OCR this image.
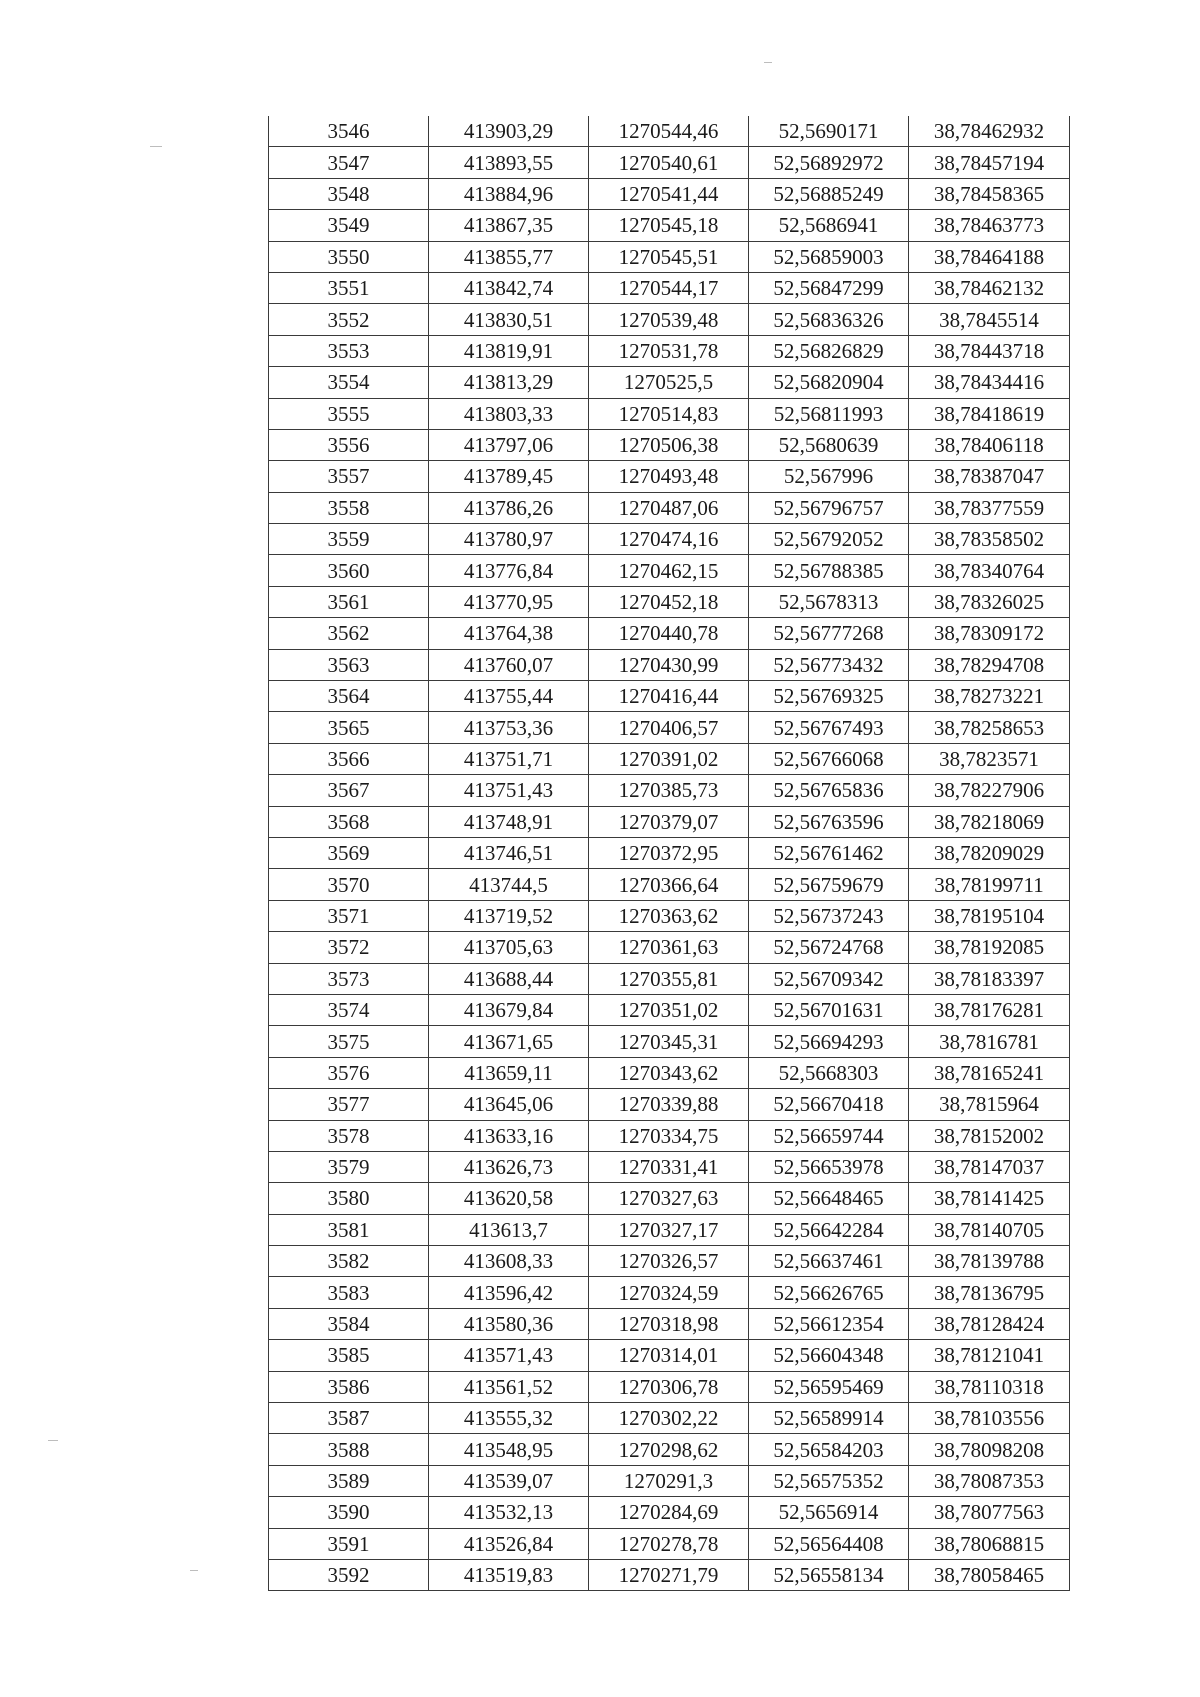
3546	413903,29	1270544,46	52,5690171	38,78462932
3547	413893,55	1270540,61	52,56892972	38,78457194
3548	413884,96	1270541,44	52,56885249	38,78458365
3549	413867,35	1270545,18	52,5686941	38,78463773
3550	413855,77	1270545,51	52,56859003	38,78464188
3551	413842,74	1270544,17	52,56847299	38,78462132
3552	413830,51	1270539,48	52,56836326	38,7845514
3553	413819,91	1270531,78	52,56826829	38,78443718
3554	413813,29	1270525,5	52,56820904	38,78434416
3555	413803,33	1270514,83	52,56811993	38,78418619
3556	413797,06	1270506,38	52,5680639	38,78406118
3557	413789,45	1270493,48	52,567996	38,78387047
3558	413786,26	1270487,06	52,56796757	38,78377559
3559	413780,97	1270474,16	52,56792052	38,78358502
3560	413776,84	1270462,15	52,56788385	38,78340764
3561	413770,95	1270452,18	52,5678313	38,78326025
3562	413764,38	1270440,78	52,56777268	38,78309172
3563	413760,07	1270430,99	52,56773432	38,78294708
3564	413755,44	1270416,44	52,56769325	38,78273221
3565	413753,36	1270406,57	52,56767493	38,78258653
3566	413751,71	1270391,02	52,56766068	38,7823571
3567	413751,43	1270385,73	52,56765836	38,78227906
3568	413748,91	1270379,07	52,56763596	38,78218069
3569	413746,51	1270372,95	52,56761462	38,78209029
3570	413744,5	1270366,64	52,56759679	38,78199711
3571	413719,52	1270363,62	52,56737243	38,78195104
3572	413705,63	1270361,63	52,56724768	38,78192085
3573	413688,44	1270355,81	52,56709342	38,78183397
3574	413679,84	1270351,02	52,56701631	38,78176281
3575	413671,65	1270345,31	52,56694293	38,7816781
3576	413659,11	1270343,62	52,5668303	38,78165241
3577	413645,06	1270339,88	52,56670418	38,7815964
3578	413633,16	1270334,75	52,56659744	38,78152002
3579	413626,73	1270331,41	52,56653978	38,78147037
3580	413620,58	1270327,63	52,56648465	38,78141425
3581	413613,7	1270327,17	52,56642284	38,78140705
3582	413608,33	1270326,57	52,56637461	38,78139788
3583	413596,42	1270324,59	52,56626765	38,78136795
3584	413580,36	1270318,98	52,56612354	38,78128424
3585	413571,43	1270314,01	52,56604348	38,78121041
3586	413561,52	1270306,78	52,56595469	38,78110318
3587	413555,32	1270302,22	52,56589914	38,78103556
3588	413548,95	1270298,62	52,56584203	38,78098208
3589	413539,07	1270291,3	52,56575352	38,78087353
3590	413532,13	1270284,69	52,5656914	38,78077563
3591	413526,84	1270278,78	52,56564408	38,78068815
3592	413519,83	1270271,79	52,56558134	38,78058465
